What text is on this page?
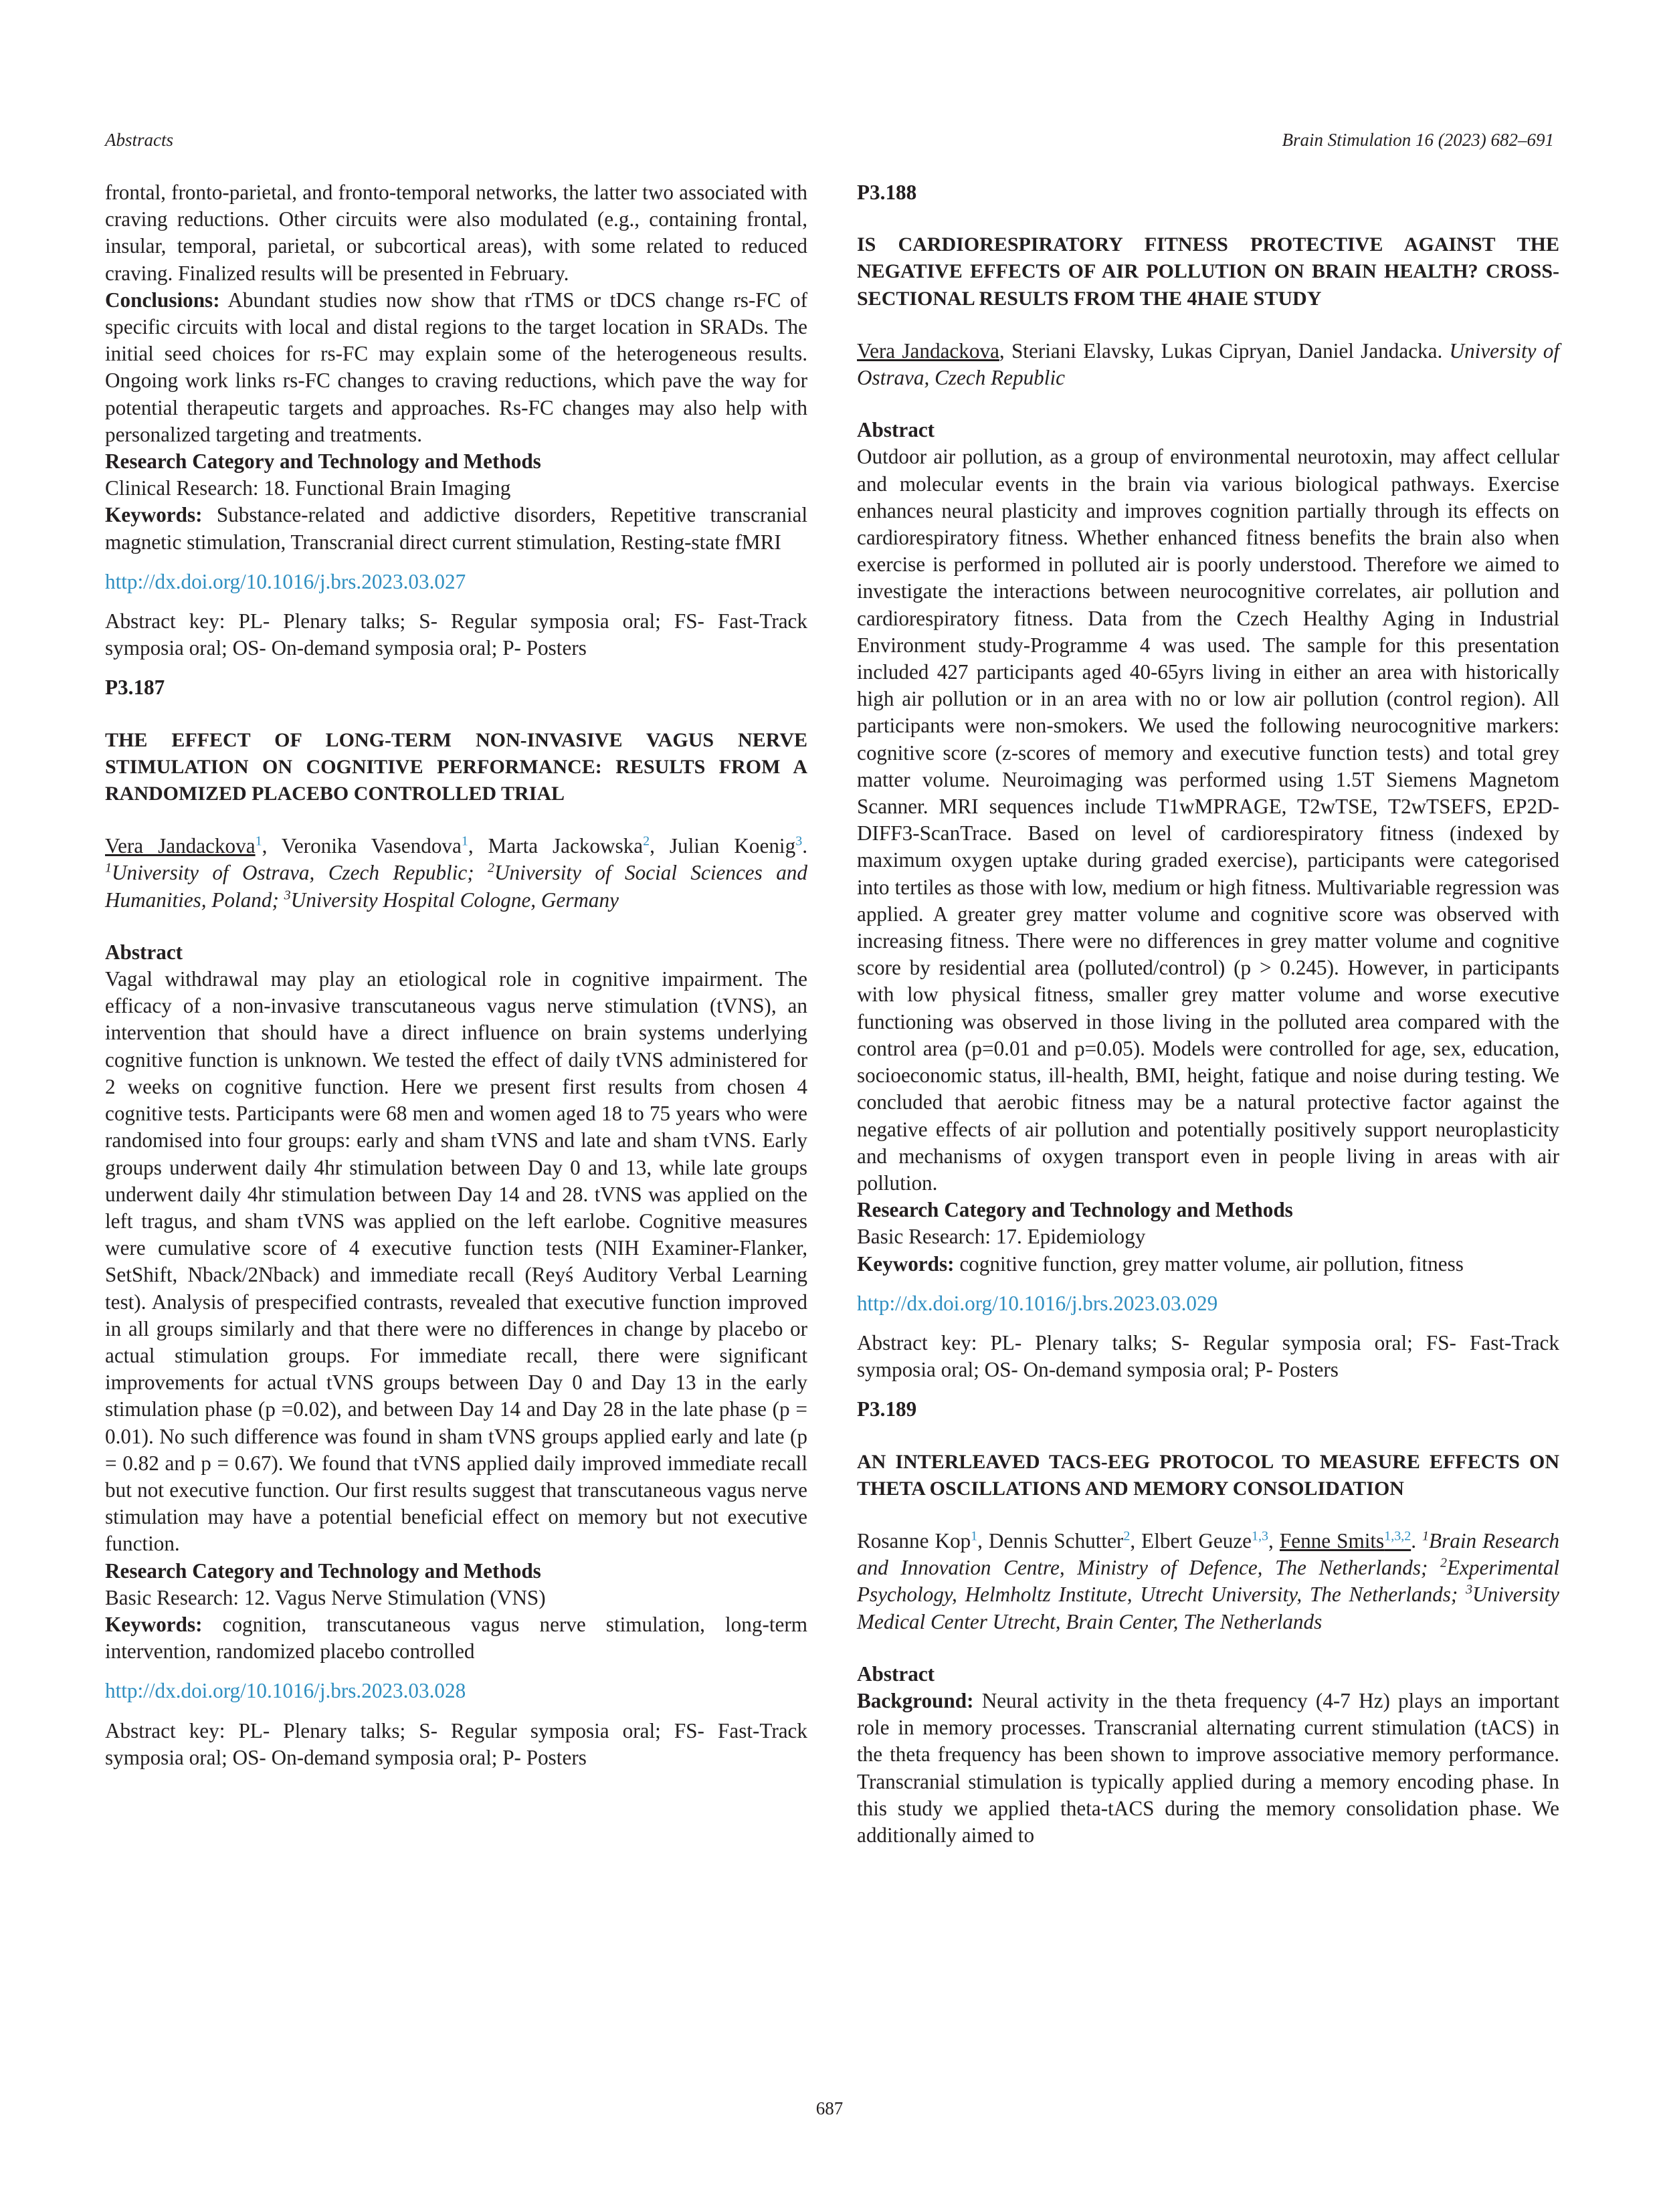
Abstracts	Brain Stimulation 16 (2023) 682–691

frontal, fronto-parietal, and fronto-temporal networks, the latter two associated with craving reductions. Other circuits were also modulated (e.g., containing frontal, insular, temporal, parietal, or subcortical areas), with some related to reduced craving. Finalized results will be presented in February.

Conclusions: Abundant studies now show that rTMS or tDCS change rs-FC of specific circuits with local and distal regions to the target location in SRADs. The initial seed choices for rs-FC may explain some of the heterogeneous results. Ongoing work links rs-FC changes to craving reductions, which pave the way for potential therapeutic targets and approaches. Rs-FC changes may also help with personalized targeting and treatments.

Research Category and Technology and Methods

Clinical Research: 18. Functional Brain Imaging

Keywords: Substance-related and addictive disorders, Repetitive transcranial magnetic stimulation, Transcranial direct current stimulation, Resting-state fMRI

http://dx.doi.org/10.1016/j.brs.2023.03.027

Abstract key: PL- Plenary talks; S- Regular symposia oral; FS- Fast-Track symposia oral; OS- On-demand symposia oral; P- Posters

P3.187

THE EFFECT OF LONG-TERM NON-INVASIVE VAGUS NERVE STIMULATION ON COGNITIVE PERFORMANCE: RESULTS FROM A RANDOMIZED PLACEBO CONTROLLED TRIAL

Vera Jandackova$^1$, Veronika Vasendova$^1$, Marta Jackowska$^2$, Julian Koenig$^3$. $^1$University of Ostrava, Czech Republic; $^2$University of Social Sciences and Humanities, Poland; $^3$University Hospital Cologne, Germany

Abstract

Vagal withdrawal may play an etiological role in cognitive impairment. The efficacy of a non-invasive transcutaneous vagus nerve stimulation (tVNS), an intervention that should have a direct influence on brain systems underlying cognitive function is unknown. We tested the effect of daily tVNS administered for 2 weeks on cognitive function. Here we present first results from chosen 4 cognitive tests. Participants were 68 men and women aged 18 to 75 years who were randomised into four groups: early and sham tVNS and late and sham tVNS. Early groups underwent daily 4hr stimulation between Day 0 and 13, while late groups underwent daily 4hr stimulation between Day 14 and 28. tVNS was applied on the left tragus, and sham tVNS was applied on the left earlobe. Cognitive measures were cumulative score of 4 executive function tests (NIH Examiner-Flanker, SetShift, Nback/2Nback) and immediate recall (Reyś Auditory Verbal Learning test). Analysis of prespecified contrasts, revealed that executive function improved in all groups similarly and that there were no differences in change by placebo or actual stimulation groups. For immediate recall, there were significant improvements for actual tVNS groups between Day 0 and Day 13 in the early stimulation phase (p =0.02), and between Day 14 and Day 28 in the late phase (p = 0.01). No such difference was found in sham tVNS groups applied early and late (p = 0.82 and p = 0.67). We found that tVNS applied daily improved immediate recall but not executive function. Our first results suggest that transcutaneous vagus nerve stimulation may have a potential beneficial effect on memory but not executive function.

Research Category and Technology and Methods

Basic Research: 12. Vagus Nerve Stimulation (VNS)

Keywords: cognition, transcutaneous vagus nerve stimulation, long-term intervention, randomized placebo controlled

http://dx.doi.org/10.1016/j.brs.2023.03.028

Abstract key: PL- Plenary talks; S- Regular symposia oral; FS- Fast-Track symposia oral; OS- On-demand symposia oral; P- Posters

P3.188

IS CARDIORESPIRATORY FITNESS PROTECTIVE AGAINST THE NEGATIVE EFFECTS OF AIR POLLUTION ON BRAIN HEALTH? CROSS-SECTIONAL RESULTS FROM THE 4HAIE STUDY

Vera Jandackova, Steriani Elavsky, Lukas Cipryan, Daniel Jandacka. University of Ostrava, Czech Republic

Abstract

Outdoor air pollution, as a group of environmental neurotoxin, may affect cellular and molecular events in the brain via various biological pathways. Exercise enhances neural plasticity and improves cognition partially through its effects on cardiorespiratory fitness. Whether enhanced fitness benefits the brain also when exercise is performed in polluted air is poorly understood. Therefore we aimed to investigate the interactions between neurocognitive correlates, air pollution and cardiorespiratory fitness. Data from the Czech Healthy Aging in Industrial Environment study-Programme 4 was used. The sample for this presentation included 427 participants aged 40-65yrs living in either an area with historically high air pollution or in an area with no or low air pollution (control region). All participants were non-smokers. We used the following neurocognitive markers: cognitive score (z-scores of memory and executive function tests) and total grey matter volume. Neuroimaging was performed using 1.5T Siemens Magnetom Scanner. MRI sequences include T1wMPRAGE, T2wTSE, T2wTSEFS, EP2D-DIFF3-ScanTrace. Based on level of cardiorespiratory fitness (indexed by maximum oxygen uptake during graded exercise), participants were categorised into tertiles as those with low, medium or high fitness. Multivariable regression was applied. A greater grey matter volume and cognitive score was observed with increasing fitness. There were no differences in grey matter volume and cognitive score by residential area (polluted/control) (p > 0.245). However, in participants with low physical fitness, smaller grey matter volume and worse executive functioning was observed in those living in the polluted area compared with the control area (p=0.01 and p=0.05). Models were controlled for age, sex, education, socioeconomic status, ill-health, BMI, height, fatique and noise during testing. We concluded that aerobic fitness may be a natural protective factor against the negative effects of air pollution and potentially positively support neuroplasticity and mechanisms of oxygen transport even in people living in areas with air pollution.

Research Category and Technology and Methods

Basic Research: 17. Epidemiology

Keywords: cognitive function, grey matter volume, air pollution, fitness

http://dx.doi.org/10.1016/j.brs.2023.03.029

Abstract key: PL- Plenary talks; S- Regular symposia oral; FS- Fast-Track symposia oral; OS- On-demand symposia oral; P- Posters

P3.189

AN INTERLEAVED TACS-EEG PROTOCOL TO MEASURE EFFECTS ON THETA OSCILLATIONS AND MEMORY CONSOLIDATION

Rosanne Kop$^1$, Dennis Schutter$^2$, Elbert Geuze$^{1,3}$, Fenne Smits$^{1,3,2}$. $^1$Brain Research and Innovation Centre, Ministry of Defence, The Netherlands; $^2$Experimental Psychology, Helmholtz Institute, Utrecht University, The Netherlands; $^3$University Medical Center Utrecht, Brain Center, The Netherlands

Abstract

Background: Neural activity in the theta frequency (4-7 Hz) plays an important role in memory processes. Transcranial alternating current stimulation (tACS) in the theta frequency has been shown to improve associative memory performance. Transcranial stimulation is typically applied during a memory encoding phase. In this study we applied theta-tACS during the memory consolidation phase. We additionally aimed to

687
